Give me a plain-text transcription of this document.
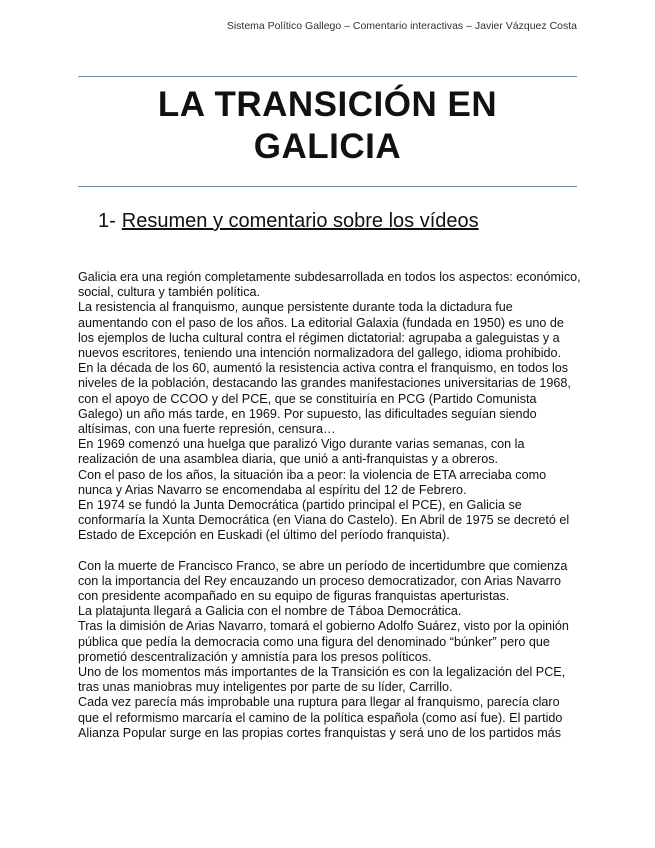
Sistema Político Gallego – Comentario interactivas – Javier Vázquez Costa
LA TRANSICIÓN EN
GALICIA
1- Resumen y comentario sobre los vídeos

Galicia era una región completamente subdesarrollada en todos los aspectos: económico, social, cultura y también política.

La resistencia al franquismo, aunque persistente durante toda la dictadura fue aumentando con el paso de los años. La editorial Galaxia (fundada en 1950) es uno de los ejemplos de lucha cultural contra el régimen dictatorial: agrupaba a galeguistas y a nuevos escritores, teniendo una intención normalizadora del gallego, idioma prohibido.

En la década de los 60, aumentó la resistencia activa contra el franquismo, en todos los niveles de la población, destacando las grandes manifestaciones universitarias de 1968, con el apoyo de CCOO y del PCE, que se constituiría en PCG (Partido Comunista Galego) un año más tarde, en 1969. Por supuesto, las dificultades seguían siendo altísimas, con una fuerte represión, censura…

En 1969 comenzó una huelga que paralizó Vigo durante varias semanas, con la realización de una asamblea diaria, que unió a anti-franquistas y a obreros.

Con el paso de los años, la situación iba a peor: la violencia de ETA arreciaba como nunca y Arias Navarro se encomendaba al espíritu del 12 de Febrero.

En 1974 se fundó la Junta Democrática (partido principal el PCE), en Galicia se conformaría la Xunta Democrática (en Viana do Castelo). En Abril de 1975 se decretó el Estado de Excepción en Euskadi (el último del período franquista).

Con la muerte de Francisco Franco, se abre un período de incertidumbre que comienza con la importancia del Rey encauzando un proceso democratizador, con Arias Navarro con presidente acompañado en su equipo de figuras franquistas aperturistas.

La platajunta llegará a Galicia con el nombre de Táboa Democrática.

Tras la dimisión de Arias Navarro, tomará el gobierno Adolfo Suárez, visto por la opinión pública que pedía la democracia como una figura del denominado “búnker” pero que prometió descentralización y amnistía para los presos políticos.

Uno de los momentos más importantes de la Transición es con la legalización del PCE, tras unas maniobras muy inteligentes por parte de su líder, Carrillo.

Cada vez parecía más improbable una ruptura para llegar al franquismo, parecía claro que el reformismo marcaría el camino de la política española (como así fue). El partido Alianza Popular surge en las propias cortes franquistas y será uno de los partidos más
